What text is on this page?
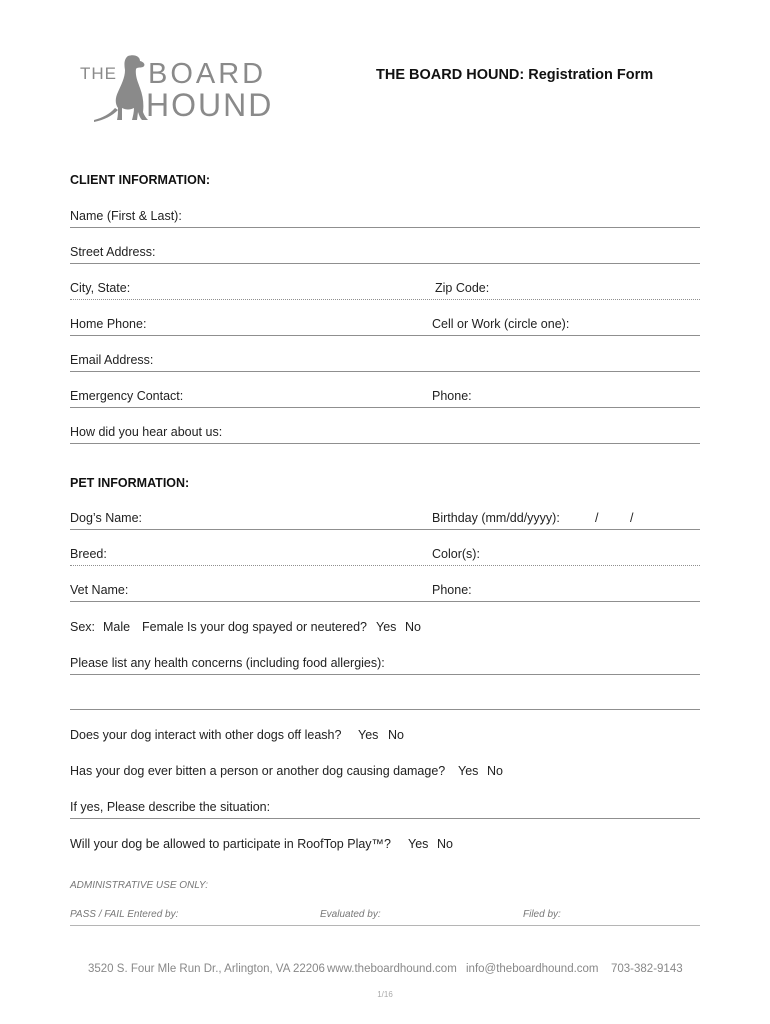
THE BOARD
HOUND
THE BOARD HOUND: Registration Form
CLIENT INFORMATION:
Name (First & Last):
Street Address:
City, State:	Zip Code:
Home Phone:	Cell or Work (circle one):
Email Address:
Emergency Contact:	Phone:
How did you hear about us:
PET INFORMATION:
Dog’s Name:	Birthday (mm/dd/yyyy):	/	/
Breed:	Color(s):
Vet Name:	Phone:
Sex: Male Female Is your dog spayed or neutered? Yes No
Please list any health concerns (including food allergies):
Does your dog interact with other dogs off leash? Yes No
Has your dog ever bitten a person or another dog causing damage? Yes No
If yes, Please describe the situation:
Will your dog be allowed to participate in RoofTop Play™? Yes No
ADMINISTRATIVE USE ONLY:
PASS / FAIL Entered by:	Evaluated by:	Filed by:
3520 S. Four Mle Run Dr., Arlington, VA 22206 www.theboardhound.com info@theboardhound.com 703-382-9143
1/16
